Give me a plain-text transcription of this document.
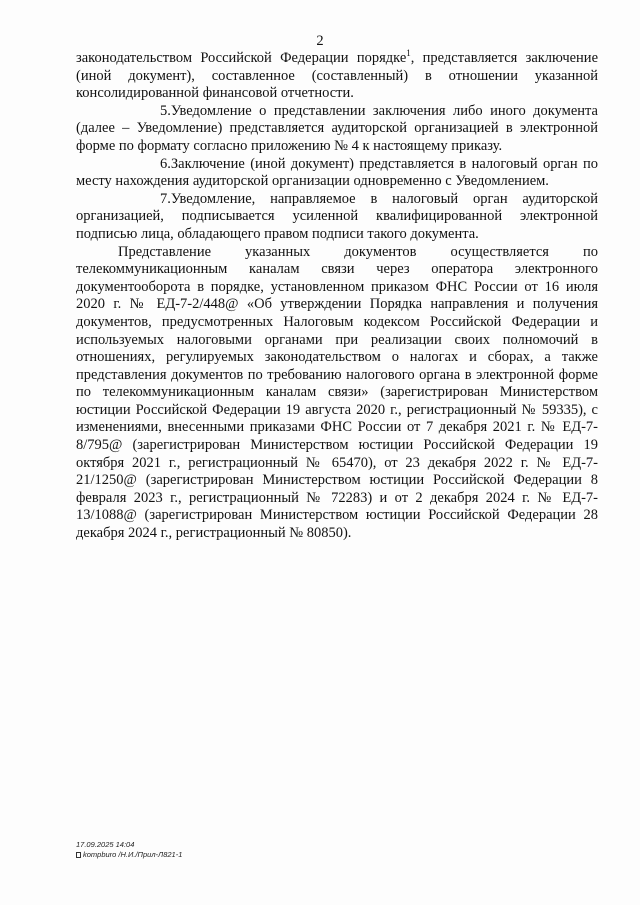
2

законодательством Российской Федерации порядке$^1$, представляется заключение (иной документ), составленное (составленный) в отношении указанной консолидированной финансовой отчетности.

5.Уведомление о представлении заключения либо иного документа (далее – Уведомление) представляется аудиторской организацией в электронной форме по формату согласно приложению № 4 к настоящему приказу.

6.Заключение (иной документ) представляется в налоговый орган по месту нахождения аудиторской организации одновременно с Уведомлением.

7.Уведомление, направляемое в налоговый орган аудиторской организацией, подписывается усиленной квалифицированной электронной подписью лица, обладающего правом подписи такого документа.

Представление указанных документов осуществляется по телекоммуникационным каналам связи через оператора электронного документооборота в порядке, установленном приказом ФНС России от 16 июля 2020 г. № ЕД-7-2/448@ «Об утверждении Порядка направления и получения документов, предусмотренных Налоговым кодексом Российской Федерации и используемых налоговыми органами при реализации своих полномочий в отношениях, регулируемых законодательством о налогах и сборах, а также представления документов по требованию налогового органа в электронной форме по телекоммуникационным каналам связи» (зарегистрирован Министерством юстиции Российской Федерации 19 августа 2020 г., регистрационный № 59335), с изменениями, внесенными приказами ФНС России от 7 декабря 2021 г. № ЕД-7-8/795@ (зарегистрирован Министерством юстиции Российской Федерации 19 октября 2021 г., регистрационный № 65470), от 23 декабря 2022 г. № ЕД-7-21/1250@ (зарегистрирован Министерством юстиции Российской Федерации 8 февраля 2023 г., регистрационный № 72283) и от 2 декабря 2024 г. № ЕД-7-13/1088@ (зарегистрирован Министерством юстиции Российской Федерации 28 декабря 2024 г., регистрационный № 80850).

17.09.2025 14:04
kompburo /Н.И./Прил-Л821-1
